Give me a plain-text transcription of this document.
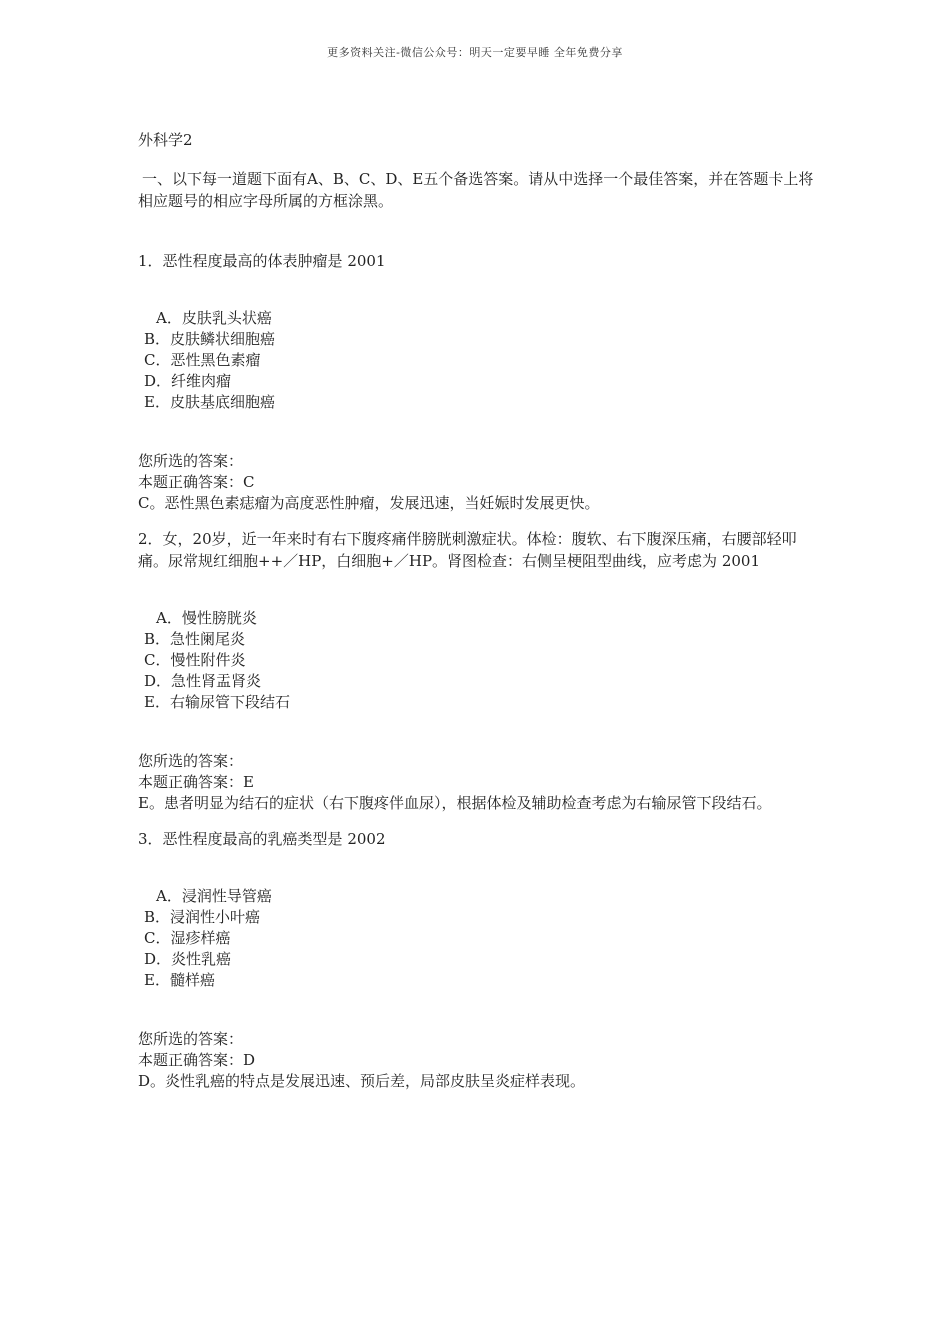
更多资料关注-微信公众号：明天一定要早睡 全年免费分享
外科学2
一、以下每一道题下面有A、B、C、D、E五个备选答案。请从中选择一个最佳答案，并在答题卡上将相应题号的相应字母所属的方框涂黑。
1．恶性程度最高的体表肿瘤是 2001
A．皮肤乳头状癌
B．皮肤鳞状细胞癌
C．恶性黑色素瘤
D．纤维肉瘤
E．皮肤基底细胞癌
您所选的答案：
本题正确答案：C
C。恶性黑色素痣瘤为高度恶性肿瘤，发展迅速，当妊娠时发展更快。
2．女，20岁，近一年来时有右下腹疼痛伴膀胱刺激症状。体检：腹软、右下腹深压痛，右腰部轻叩痛。尿常规红细胞++／HP，白细胞+／HP。肾图检查：右侧呈梗阻型曲线，应考虑为 2001
A．慢性膀胱炎
B．急性阑尾炎
C．慢性附件炎
D．急性肾盂肾炎
E．右输尿管下段结石
您所选的答案：
本题正确答案：E
E。患者明显为结石的症状（右下腹疼伴血尿），根据体检及辅助检查考虑为右输尿管下段结石。
3．恶性程度最高的乳癌类型是 2002
A．浸润性导管癌
B．浸润性小叶癌
C．湿疹样癌
D．炎性乳癌
E．髓样癌
您所选的答案：
本题正确答案：D
D。炎性乳癌的特点是发展迅速、预后差，局部皮肤呈炎症样表现。
